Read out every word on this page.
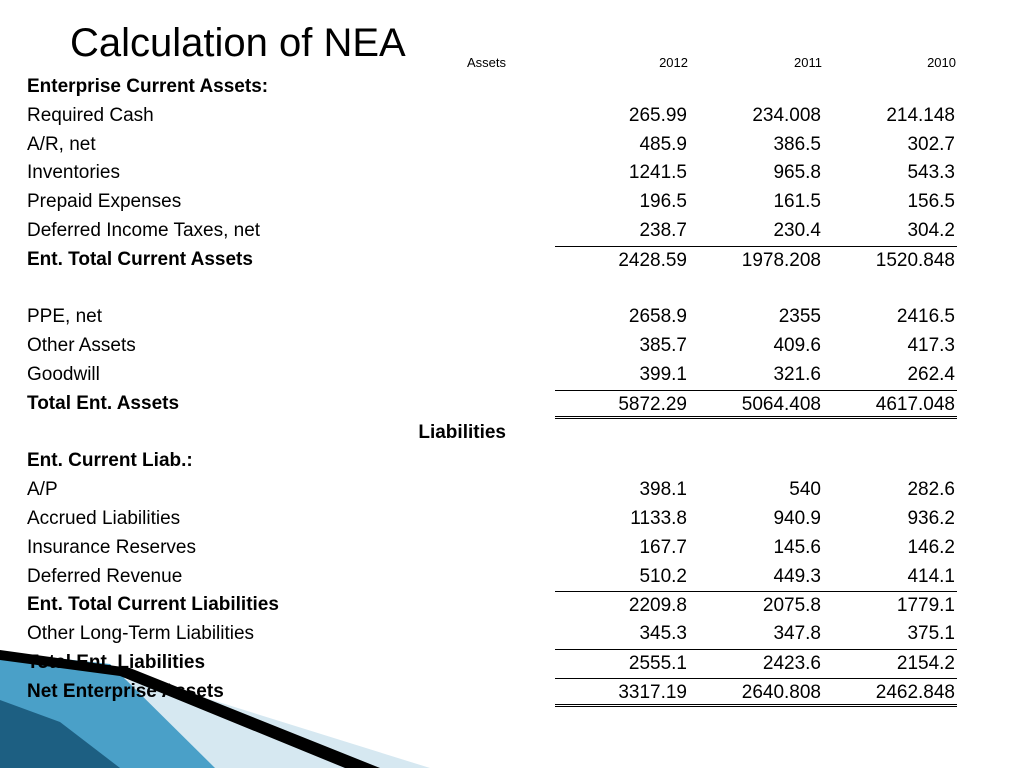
Calculation of NEA	Assets	2012	2011	2010
Enterprise Current Assets:
Required Cash	265.99	234.008	214.148
A/R, net	485.9	386.5	302.7
Inventories	1241.5	965.8	543.3
Prepaid Expenses	196.5	161.5	156.5
Deferred Income Taxes, net	238.7	230.4	304.2
Ent. Total Current Assets	2428.59	1978.208	1520.848
PPE, net	2658.9	2355	2416.5
Other Assets	385.7	409.6	417.3
Goodwill	399.1	321.6	262.4
Total Ent. Assets	5872.29	5064.408	4617.048
Liabilities
Ent. Current Liab.:
A/P	398.1	540	282.6
Accrued Liabilities	1133.8	940.9	936.2
Insurance Reserves	167.7	145.6	146.2
Deferred Revenue	510.2	449.3	414.1
Ent. Total Current Liabilities	2209.8	2075.8	1779.1
Other Long-Term Liabilities	345.3	347.8	375.1
Total Ent. Liabilities	2555.1	2423.6	2154.2
Net Enterprise Assets	3317.19	2640.808	2462.848
